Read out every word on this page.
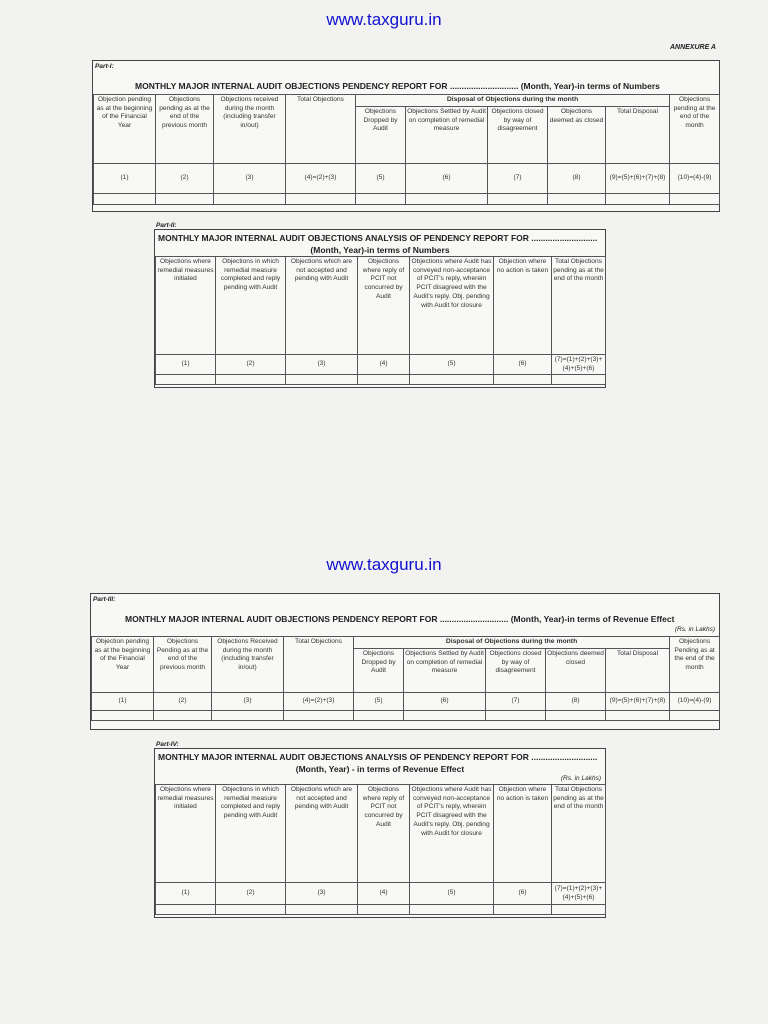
www.taxguru.in
ANNEXURE A
Part-I:
MONTHLY MAJOR INTERNAL AUDIT OBJECTIONS PENDENCY REPORT FOR ............................. (Month, Year)-in terms of Numbers
Objection pending as at the beginning of the Financial Year	Objections pending as at the end of the previous month	Objections received during the month (including transfer in/out)	Total Objections	Disposal of Objections during the month					Objections pending at the end of the month
				Objections Dropped by Audit	Objections Settled by Audit on completion of remedial measure	Objections closed by way of disagreement	Objections deemed as closed	Total Disposal	
(1)	(2)	(3)	(4)=(2)+(3)	(5)	(6)	(7)	(8)	(9)=(5)+(6)+(7)+(8)	(10)=(4)-(9)

Part-II:
MONTHLY MAJOR INTERNAL AUDIT OBJECTIONS ANALYSIS OF PENDENCY REPORT FOR ............................
(Month, Year)-in terms of Numbers
Objections where remedial measures initiated	Objections in which remedial measure completed and reply pending with Audit	Objections which are not accepted and pending with Audit	Objections where reply of PCIT not concurred by Audit	Objections where Audit has conveyed non-acceptance of PCIT's reply, wherein PCIT disagreed with the Audit's reply. Obj. pending with Audit for closure	Objection where no action is taken	Total Objections pending as at the end of the month
(1)	(2)	(3)	(4)	(5)	(6)	(7)=(1)+(2)+(3)+(4)+(5)+(6)

www.taxguru.in
Part-III:
MONTHLY MAJOR INTERNAL AUDIT OBJECTIONS PENDENCY REPORT FOR ............................. (Month, Year)-in terms of Revenue Effect
(Rs. in Lakhs)
Objection pending as at the beginning of the Financial Year	Objections Pending as at the end of the previous month	Objections Received during the month (including transfer in/out)	Total Objections	Disposal of Objections during the month					Objections Pending as at the end of the month
				Objections Dropped by Audit	Objections Settled by Audit on completion of remedial measure	Objections closed by way of disagreement	Objections deemed closed	Total Disposal	
(1)	(2)	(3)	(4)=(2)+(3)	(5)	(6)	(7)	(8)	(9)=(5)+(6)+(7)+(8)	(10)=(4)-(9)

Part-IV:
MONTHLY MAJOR INTERNAL AUDIT OBJECTIONS ANALYSIS OF PENDENCY REPORT FOR ............................
(Month, Year) - in terms of Revenue Effect
(Rs. in Lakhs)
Objections where remedial measures initiated	Objections in which remedial measure completed and reply pending with Audit	Objections which are not accepted and pending with Audit	Objections where reply of PCIT not concurred by Audit	Objections where Audit has conveyed non-acceptance of PCIT's reply, wherein PCIT disagreed with the Audit's reply. Obj. pending with Audit for closure	Objection where no action is taken	Total Objections pending as at the end of the month
(1)	(2)	(3)	(4)	(5)	(6)	(7)=(1)+(2)+(3)+(4)+(5)+(6)
